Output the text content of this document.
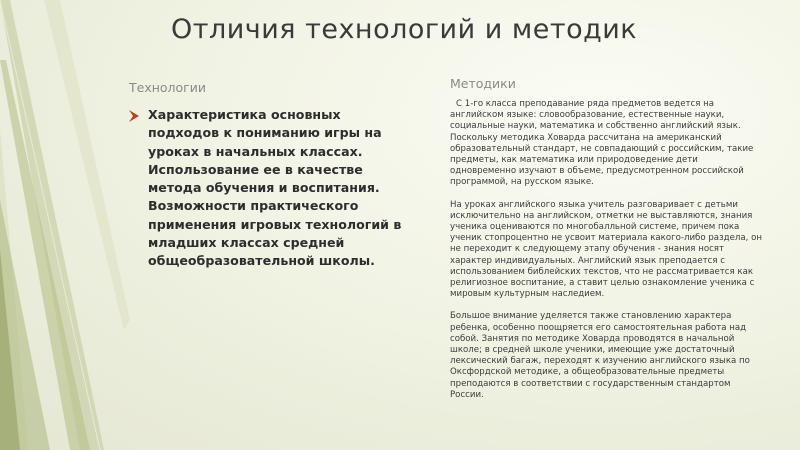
Отличия технологий и методик
Технологии	Методики
Характеристика основных подходов к пониманию игры на уроках в начальных классах. Использование ее в качестве метода обучения и воспитания. Возможности практического применения игровых технологий в младших классах средней общеобразовательной школы.

С 1-го класса преподавание ряда предметов ведется на английском языке: словообразование, естественные науки, социальные науки, математика и собственно английский язык. Поскольку методика Ховарда рассчитана на американский образовательный стандарт, не совпадающий с российским, такие предметы, как математика или природоведение дети одновременно изучают в объеме, предусмотренном российской программой, на русском языке.

На уроках английского языка учитель разговаривает с детьми исключительно на английском, отметки не выставляются, знания ученика оцениваются по многобалльной системе, причем пока ученик стопроцентно не усвоит материала какого-либо раздела, он не переходит к следующему этапу обучения - знания носят характер индивидуальных. Английский язык преподается с использованием библейских текстов, что не рассматривается как религиозное воспитание, а ставит целью ознакомление ученика с мировым культурным наследием.

Большое внимание уделяется также становлению характера ребенка, особенно поощряется его самостоятельная работа над собой. Занятия по методике Ховарда проводятся в начальной школе; в средней школе ученики, имеющие уже достаточный лексический багаж, переходят к изучению английского языка по Оксфордской методике, а общеобразовательные предметы преподаются в соответствии с государственным стандартом России.
